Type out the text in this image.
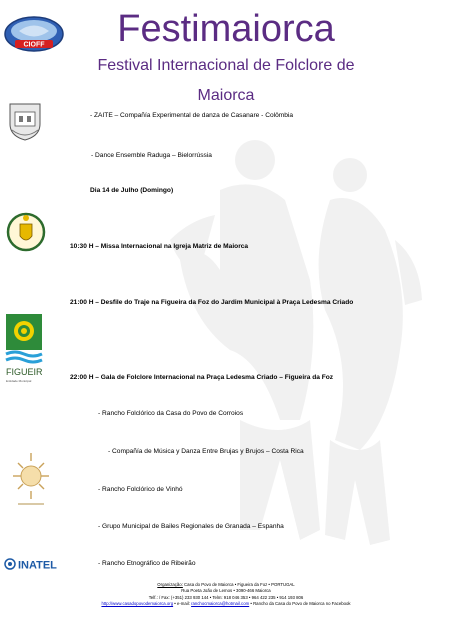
CIOFF	Festimaiorca
Festival Internacional de Folclore de
Maiorca
FIGUEIR
Entidade Municipal
INATEL
- ZAITE – Compañía Experimental de danza de Casanare - Colômbia
- Dance Ensemble Raduga – Bielorrússia
Dia 14 de Julho (Domingo)
10:30 H – Missa Internacional na Igreja Matriz de Maiorca
21:00 H – Desfile do Traje na Figueira da Foz do Jardim Municipal à Praça Ledesma Criado
22:00 H – Gala de Folclore Internacional na Praça Ledesma Criado – Figueira da Foz
- Rancho Folclórico da Casa do Povo de Corroios
- Compañía de Música y Danza Entre Brujas y Brujos – Costa Rica
- Rancho Folclórico de Vinhó
- Grupo Municipal de Bailes Regionales de Granada – Espanha
- Rancho Etnográfico de Ribeirão
Organização: Casa do Povo de Maiorca • Figueira da Foz • PORTUGAL
Rua Poeta João de Lemos • 3090-466 Maiorca
Telf.: / Fax: (+351) 233 930 144 • Telm: 918 046 353 • 964 422 235 • 914 193 806
http://www.casadopovodemaiorca.org • e-mail: ranchocmaiorca@hotmail.com • Rancho da Casa do Povo de Maiorca no Facebook
